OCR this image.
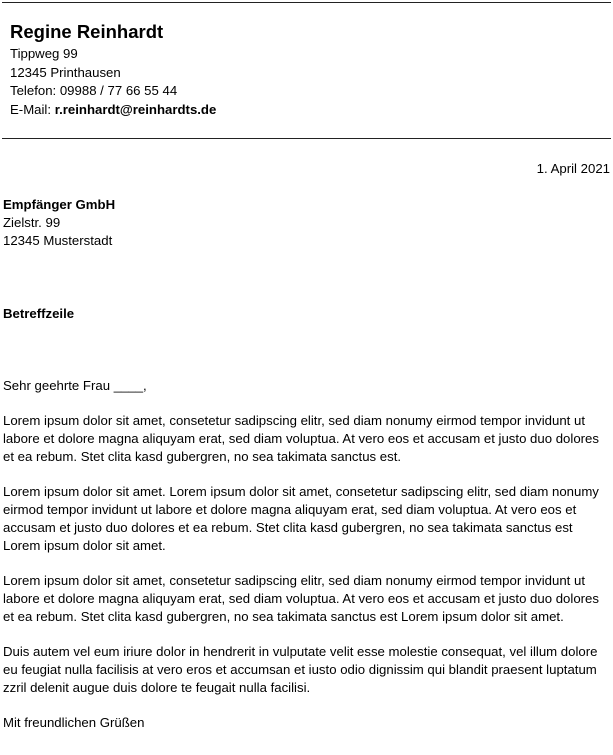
Regine Reinhardt
Tippweg 99
12345 Printhausen
Telefon: 09988 / 77 66 55 44
E-Mail: r.reinhardt@reinhardts.de
1. April 2021
Empfänger GmbH
Zielstr. 99
12345 Musterstadt
Betreffzeile

Sehr geehrte Frau ____,

Lorem ipsum dolor sit amet, consetetur sadipscing elitr, sed diam nonumy eirmod tempor invidunt ut labore et dolore magna aliquyam erat, sed diam voluptua. At vero eos et accusam et justo duo dolores et ea rebum. Stet clita kasd gubergren, no sea takimata sanctus est.

Lorem ipsum dolor sit amet. Lorem ipsum dolor sit amet, consetetur sadipscing elitr, sed diam nonumy eirmod tempor invidunt ut labore et dolore magna aliquyam erat, sed diam voluptua. At vero eos et accusam et justo duo dolores et ea rebum. Stet clita kasd gubergren, no sea takimata sanctus est Lorem ipsum dolor sit amet.

Lorem ipsum dolor sit amet, consetetur sadipscing elitr, sed diam nonumy eirmod tempor invidunt ut labore et dolore magna aliquyam erat, sed diam voluptua. At vero eos et accusam et justo duo dolores et ea rebum. Stet clita kasd gubergren, no sea takimata sanctus est Lorem ipsum dolor sit amet.

Duis autem vel eum iriure dolor in hendrerit in vulputate velit esse molestie consequat, vel illum dolore eu feugiat nulla facilisis at vero eros et accumsan et iusto odio dignissim qui blandit praesent luptatum zzril delenit augue duis dolore te feugait nulla facilisi.

Mit freundlichen Grüßen
